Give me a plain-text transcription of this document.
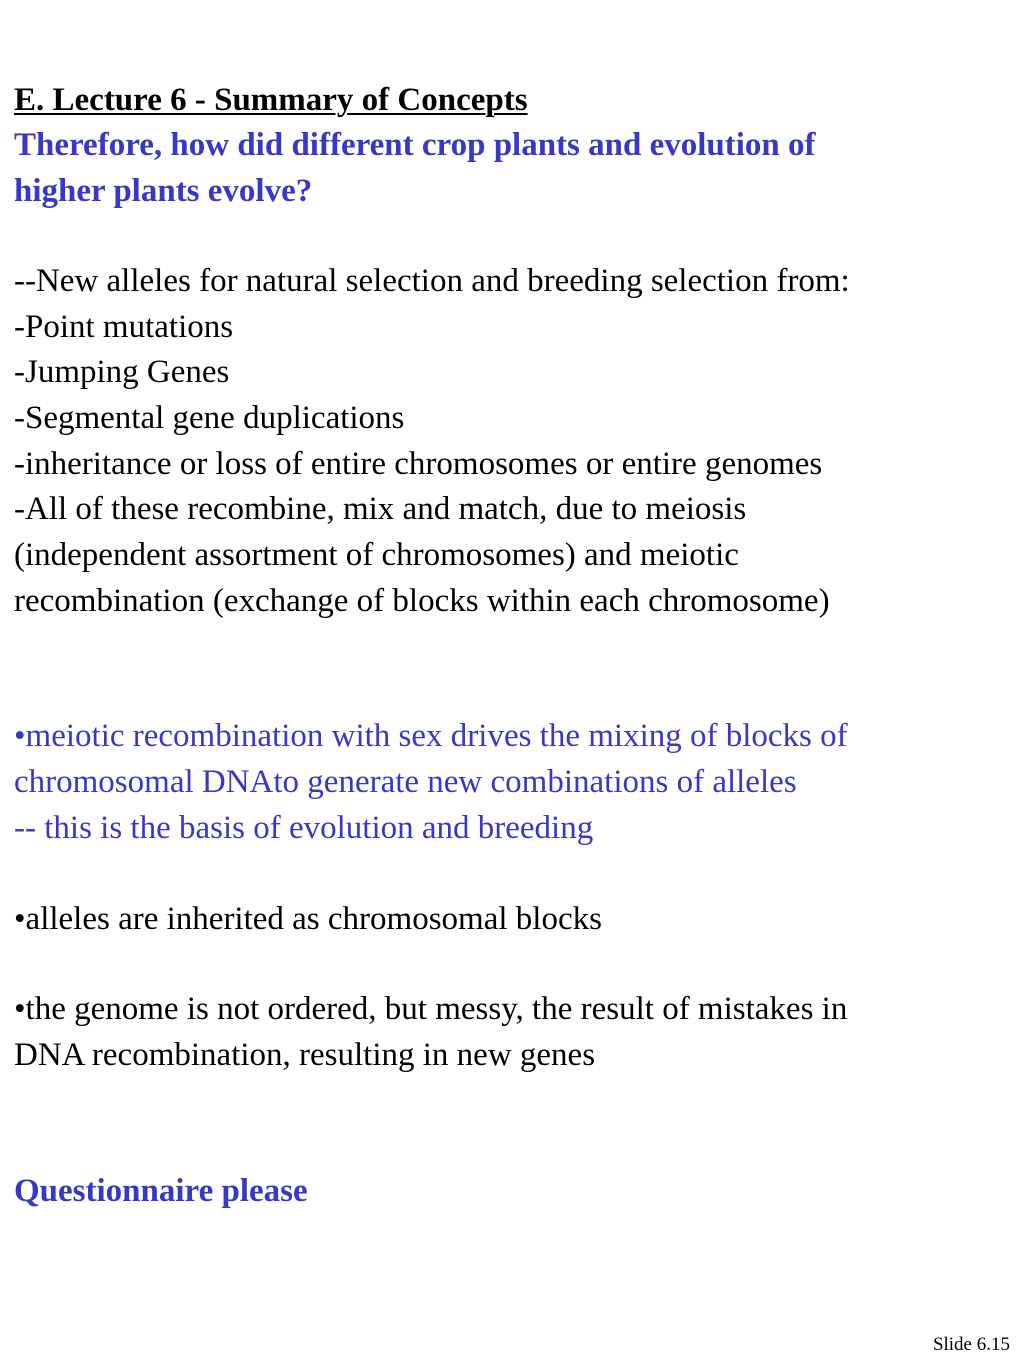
E. Lecture 6 - Summary of Concepts
Therefore, how did different crop plants and evolution of
higher plants evolve?
--New alleles for natural selection and breeding selection from:
-Point mutations
-Jumping Genes
-Segmental gene duplications
-inheritance or loss of entire chromosomes or entire genomes
-All of these recombine, mix and match, due to meiosis
(independent assortment of chromosomes) and meiotic
recombination (exchange of blocks within each chromosome)
•meiotic recombination with sex drives the mixing of blocks of
chromosomal DNAto generate new combinations of alleles
-- this is the basis of evolution and breeding
•alleles are inherited as chromosomal blocks
•the genome is not ordered, but messy, the result of mistakes in
DNA recombination, resulting in new genes
Questionnaire please
Slide 6.15
